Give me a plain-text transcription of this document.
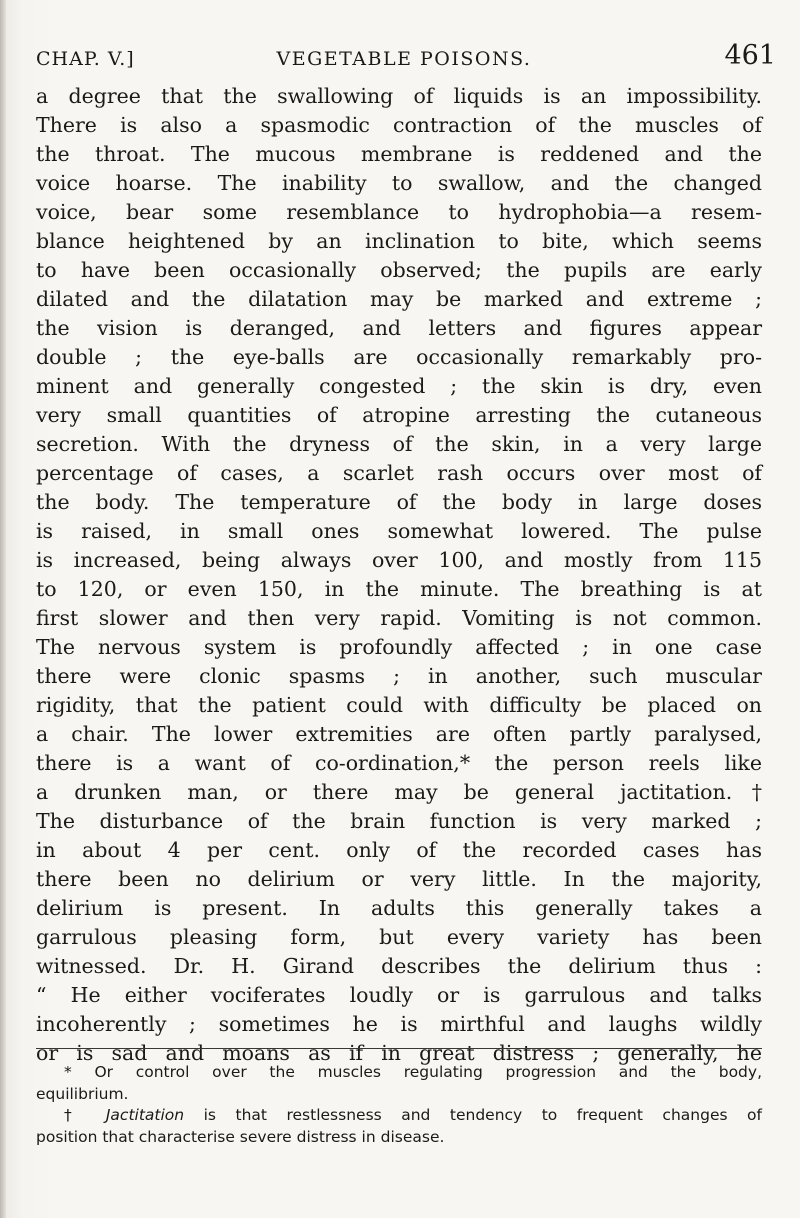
CHAP. V.]	VEGETABLE POISONS.	461
a degree that the swallowing of liquids is an impossibility.
There is also a spasmodic contraction of the muscles of
the throat. The mucous membrane is reddened and the
voice hoarse. The inability to swallow, and the changed
voice, bear some resemblance to hydrophobia—a resem-
blance heightened by an inclination to bite, which seems
to have been occasionally observed; the pupils are early
dilated and the dilatation may be marked and extreme ;
the vision is deranged, and letters and figures appear
double ; the eye-balls are occasionally remarkably pro-
minent and generally congested ; the skin is dry, even
very small quantities of atropine arresting the cutaneous
secretion. With the dryness of the skin, in a very large
percentage of cases, a scarlet rash occurs over most of
the body. The temperature of the body in large doses
is raised, in small ones somewhat lowered. The pulse
is increased, being always over 100, and mostly from 115
to 120, or even 150, in the minute. The breathing is at
first slower and then very rapid. Vomiting is not common.
The nervous system is profoundly affected ; in one case
there were clonic spasms ; in another, such muscular
rigidity, that the patient could with difficulty be placed on
a chair. The lower extremities are often partly paralysed,
there is a want of co-ordination,* the person reels like
a drunken man, or there may be general jactitation.†
The disturbance of the brain function is very marked ;
in about 4 per cent. only of the recorded cases has
there been no delirium or very little. In the majority,
delirium is present. In adults this generally takes a
garrulous pleasing form, but every variety has been
witnessed. Dr. H. Girand describes the delirium thus :
“ He either vociferates loudly or is garrulous and talks
incoherently ; sometimes he is mirthful and laughs wildly
or is sad and moans as if in great distress ; generally, he
* Or control over the muscles regulating progression and the body,
equilibrium.
† Jactitation is that restlessness and tendency to frequent changes of
position that characterise severe distress in disease.
